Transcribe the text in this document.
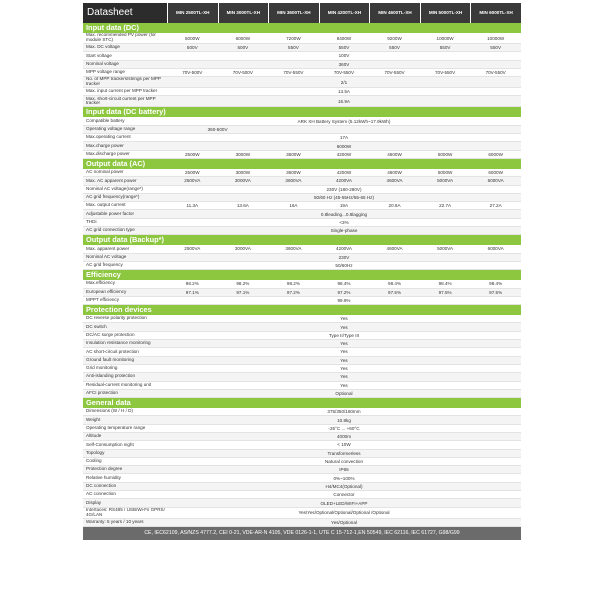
Datasheet	MIN 2500TL-XH	MIN 3000TL-XH	MIN 3600TL-XH	MIN 4200TL-XH	MIN 4600TL-XH	MIN 5000TL-XH	MIN 6000TL-XH
Input data (DC)
Max. recommended PV power (for module STC)	5000W	6000W	7200W	8400W	9200W	10000W	10000W
Max. DC voltage	500V	500V	550V	550V	550V	550V	550V
Start voltage	100V
Nominal voltage	360V
MPP voltage range	70V-500V	70V-500V	70V-550V	70V-550V	70V-550V	70V-550V	70V-550V
No. of MPP trackers/strings per MPP tracker	2/1
Max. input current per MPP tracker	13.5A
Max. short-circuit current per MPP tracker	16.9A
Input data (DC battery)
Compatible battery	ARK XH Battery System (5.12kWh~17.9kWh)
Operating voltage range	360-500V
Max.operating current	17A
Max.charge power	6000W
Max.discharge power	2500W	3000W	3600W	4200W	4600W	5000W	6000W
Output data (AC)
AC nominal power	2500W	3000W	3600W	4200W	4600W	5000W	6000W
Max. AC apparent power	2500VA	3000VA	3600VA	4200VA	4600VA	5000VA	6000VA
Nominal AC voltage(range*)	230V (180-280V)
AC grid frequency(range*)	50/60 Hz (45-55Hz/55-65 Hz)
Max. output current	11.3A	13.6A	16A	19A	20.9A	22.7A	27.2A
Adjustable power factor	0.8leading...0.8lagging
THDi	<3%
AC grid connection type	Single-phase
Output data (Backup*)
Max. apparent power	2500VA	3000VA	3600VA	4200VA	4600VA	5000VA	6000VA
Nominal AC voltage	230V
AC grid frequency	50/60Hz
Efficiency
Max.efficiency	98.2%	98.2%	98.2%	98.4%	98.4%	98.4%	98.4%
European efficiency	97.1%	97.1%	97.2%	97.2%	97.5%	97.5%	97.5%
MPPT efficiency	99.9%
Protection devices
DC reverse polarity protection	Yes
DC switch	Yes
DC/AC surge protection	Type II/Type III
Insulation resistance monitoring	Yes
AC short-circuit protection	Yes
Ground fault monitoring	Yes
Grid monitoring	Yes
Anti-islanding protection	Yes
Residual-current monitoring unit	Yes
AFCI protection	Optional
General data
Dimensions (W / H / D)	375/350/160mm
Weight	10.8kg
Operating temperature range	-25°C ... +60°C
Altitude	4000m
Self-Consumption night	< 10W
Topology	Transformerless
Cooling	Natural convection
Protection degree	IP65
Relative humidity	0%~100%
DC connection	H4/MC4(Optional)
AC connection	Connector
Display	OLED+LED/WIFI+APP
Interfaces: RS485 / USB/Wi-Fi/ GPRS/ 4G/LAN	Yes/Yes/Optional/Optional/Optional /Optional
Warranty: 5 years / 10 years	Yes/Optional
CE, IEC62109, AS/NZS 4777.2, CEI 0-21, VDE-AR-N 4105, VDE 0126-1-1, UTE C 15-712-1,EN 50549, IEC 62116, IEC 61727, G98/G99
